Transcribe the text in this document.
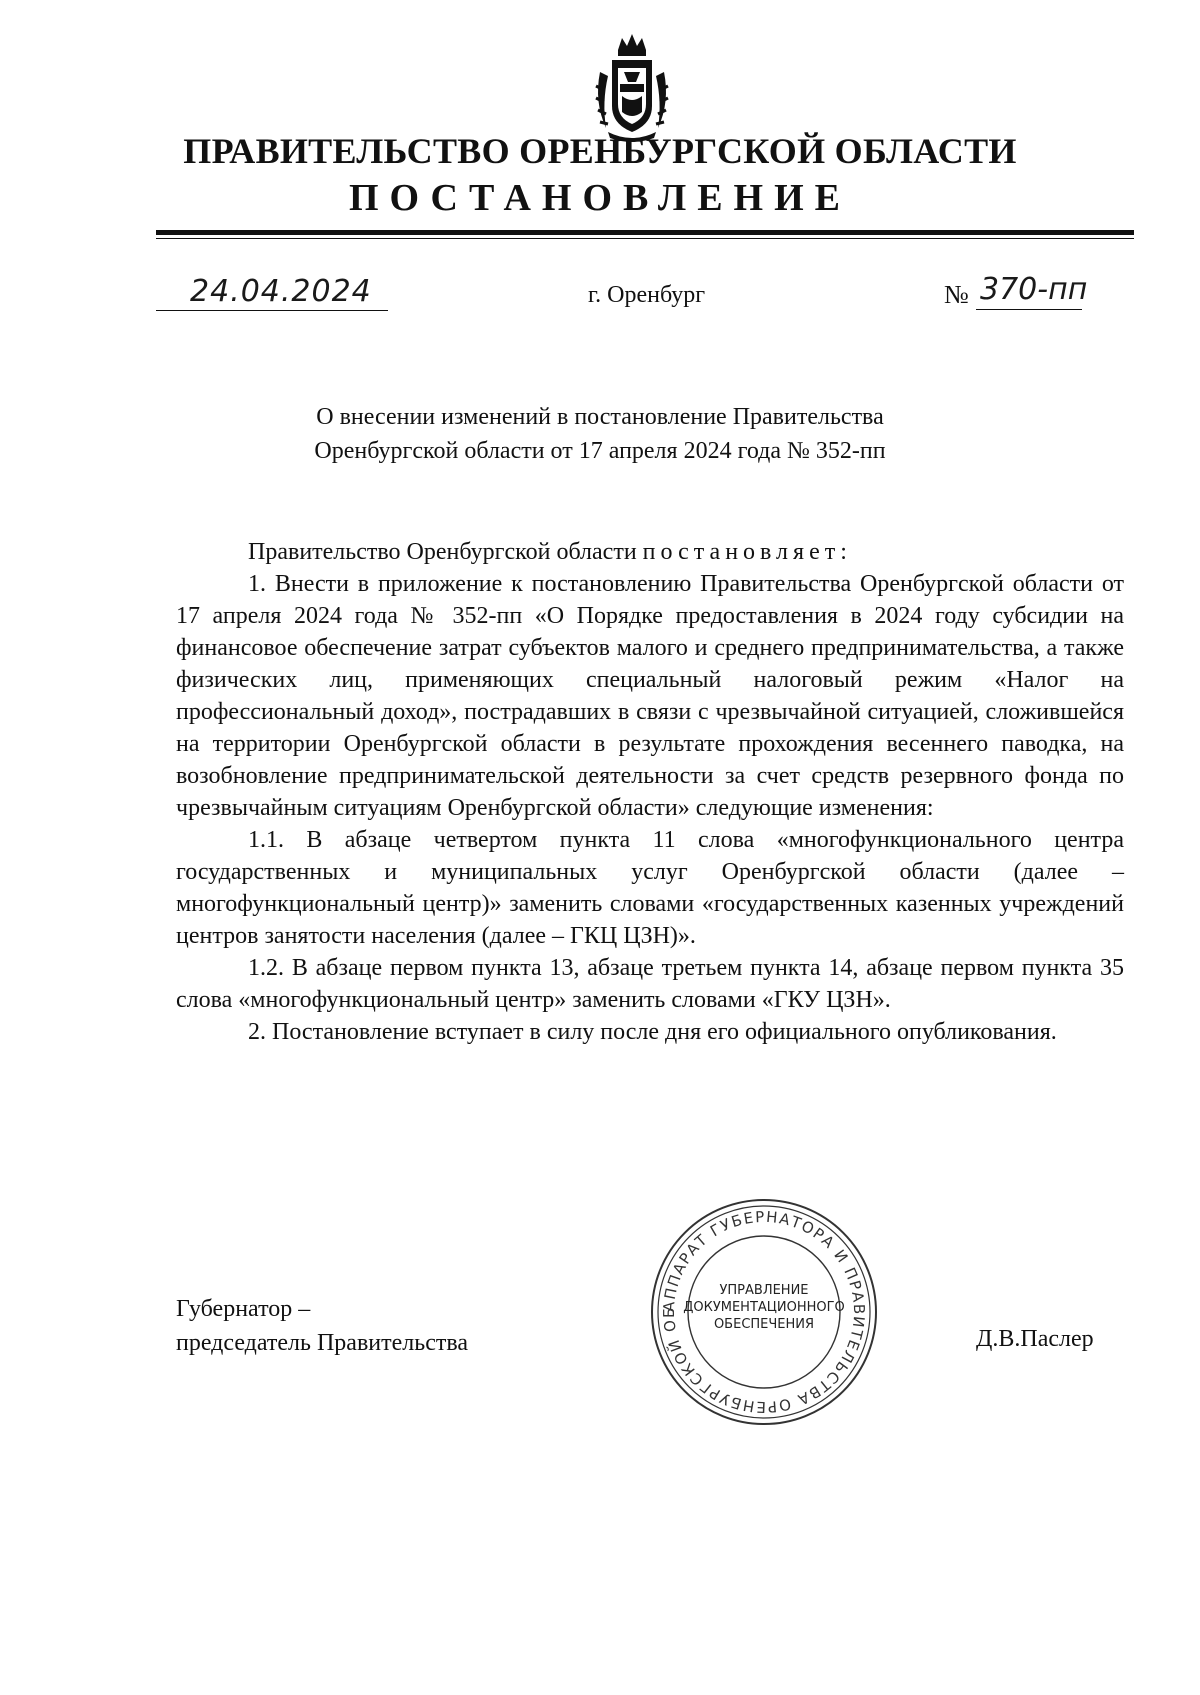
ПРАВИТЕЛЬСТВО ОРЕНБУРГСКОЙ ОБЛАСТИ
ПОСТАНОВЛЕНИЕ
24.04.2024	г. Оренбург	№ 370-пп
О внесении изменений в постановление Правительства
Оренбургской области от 17 апреля 2024 года № 352-пп

Правительство Оренбургской области постановляет:

1. Внести в приложение к постановлению Правительства Оренбургской области от 17 апреля 2024 года № 352-пп «О Порядке предоставления в 2024 году субсидии на финансовое обеспечение затрат субъектов малого и среднего предпринимательства, а также физических лиц, применяющих специальный налоговый режим «Налог на профессиональный доход», пострадавших в связи с чрезвычайной ситуацией, сложившейся на территории Оренбургской области в результате прохождения весеннего паводка, на возобновление предпринимательской деятельности за счет средств резервного фонда по чрезвычайным ситуациям Оренбургской области» следующие изменения:

1.1. В абзаце четвертом пункта 11 слова «многофункционального центра государственных и муниципальных услуг Оренбургской области (далее – многофункциональный центр)» заменить словами «государственных казенных учреждений центров занятости населения (далее – ГКЦ ЦЗН)».

1.2. В абзаце первом пункта 13, абзаце третьем пункта 14, абзаце первом пункта 35 слова «многофункциональный центр» заменить словами «ГКУ ЦЗН».

2. Постановление вступает в силу после дня его официального опубликования.

Губернатор –
председатель Правительства	Д.В.Паслер
АППАРАТ ГУБЕРНАТОРА И ПРАВИТЕЛЬСТВА ОРЕНБУРГСКОЙ ОБ
УПРАВЛЕНИЕ
ДОКУМЕНТАЦИОННОГО
ОБЕСПЕЧЕНИЯ
